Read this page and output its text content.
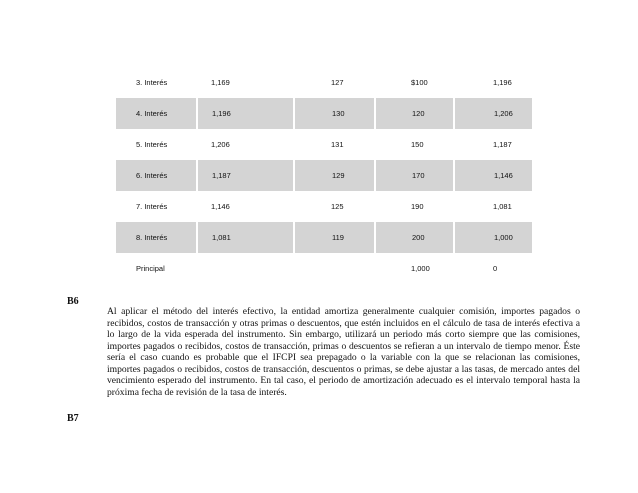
3. Interés	1,169	127	$100	1,196
4. Interés	1,196	130	120	1,206
5. Interés	1,206	131	150	1,187
6. Interés	1,187	129	170	1,146
7. Interés	1,146	125	190	1,081
8. Interés	1,081	119	200	1,000
Principal			1,000	0
B6

Al aplicar el método del interés efectivo, la entidad amortiza generalmente cualquier comisión, importes pagados o recibidos, costos de transacción y otras primas o descuentos, que estén incluidos en el cálculo de tasa de interés efectiva a lo largo de la vida esperada del instrumento. Sin embargo, utilizará un periodo más corto siempre que las comisiones, importes pagados o recibidos, costos de transacción, primas o descuentos se refieran a un intervalo de tiempo menor. Éste sería el caso cuando es probable que el IFCPI sea prepagado o la variable con la que se relacionan las comisiones, importes pagados o recibidos, costos de transacción, descuentos o primas, se debe ajustar a las tasas, de mercado antes del vencimiento esperado del instrumento. En tal caso, el periodo de amortización adecuado es el intervalo temporal hasta la próxima fecha de revisión de la tasa de interés.

B7
